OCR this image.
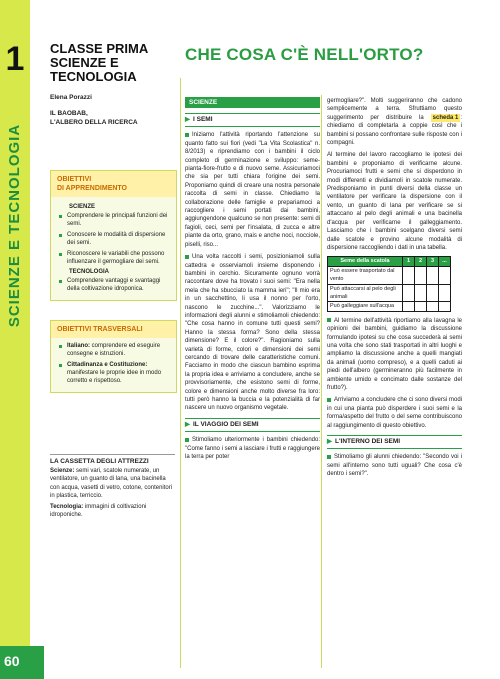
1
SCIENZE E TECNOLOGIA
60
CLASSE PRIMA
SCIENZE E
TECNOLOGIA
Elena Porazzi
IL BAOBAB,
L'ALBERO DELLA RICERCA
OBIETTIVI
DI APPRENDIMENTO
SCIENZE
Comprendere le principali funzioni dei semi.
Conoscere le modalità di dispersione dei semi.
Riconoscere le variabili che possono influenzare il germogliare dei semi.
TECNOLOGIA
Comprendere vantaggi e svantaggi della coltivazione idroponica.
OBIETTIVI TRASVERSALI
Italiano: comprendere ed eseguire consegne e istruzioni.
Cittadinanza e Costituzione: manifestare le proprie idee in modo corretto e rispettoso.
LA CASSETTA DEGLI ATTREZZI

Scienze: semi vari, scatole numerate, un ventilatore, un guanto di lana, una bacinella con acqua, vasetti di vetro, cotone, contenitori in plastica, terriccio.

Tecnologia: immagini di coltivazioni idroponiche.

CHE COSA C'È NELL'ORTO?
SCIENZE
▶ I SEMI

Iniziamo l'attività riportando l'attenzione su quanto fatto sui fiori (vedi "La Vita Scolastica" n. 8/2013) e riprendiamo con i bambini il ciclo completo di germinazione e sviluppo: seme-pianta-fiore-frutto e di nuovo seme. Assicuriamoci che sia per tutti chiara l'origine dei semi. Proponiamo quindi di creare una nostra personale raccolta di semi in classe. Chiediamo la collaborazione delle famiglie e prepariamoci a raccogliere i semi portati dai bambini, aggiungendone qualcuno se non presente: semi di fagioli, ceci, semi per l'insalata, di zucca e altre piante da orto, grano, mais e anche noci, nocciole, piselli, riso...

Una volta raccolti i semi, posizioniamoli sulla cattedra e osserviamoli insieme disponendo i bambini in cerchio. Sicuramente ognuno vorrà raccontare dove ha trovato i suoi semi: "Era nella mela che ha sbucciato la mamma ieri"; "Il mio era in un sacchettino, li usa il nonno per l'orto, nascono le zucchine...". Valorizziamo le informazioni degli alunni e stimoliamoli chiedendo: "Che cosa hanno in comune tutti questi semi? Hanno la stessa forma? Sono della stessa dimensione? E il colore?". Ragioniamo sulla varietà di forme, colori e dimensioni dei semi cercando di trovare delle caratteristiche comuni. Facciamo in modo che ciascun bambino esprima la propria idea e arriviamo a concludere, anche se provvisoriamente, che esistono semi di forme, colore e dimensioni anche molto diverse fra loro: tutti però hanno la buccia e la potenzialità di far nascere un nuovo organismo vegetale.

▶ IL VIAGGIO DEI SEMI

Stimoliamo ulteriormente i bambini chiedendo: "Come fanno i semi a lasciare i frutti e raggiungere la terra per poter

germogliare?". Molti suggeriranno che cadono semplicemente a terra. Sfruttiamo questo suggerimento per distribuire la scheda 1 : chiediamo di completarla a coppie così che i bambini si possano confrontare sulle risposte con i compagni.

Al termine del lavoro raccogliamo le ipotesi dei bambini e proponiamo di verificarne alcune. Procuriamoci frutti e semi che si disperdono in modi differenti e dividiamoli in scatole numerate. Predisponiamo in punti diversi della classe un ventilatore per verificare la dispersione con il vento, un guanto di lana per verificare se si attaccano al pelo degli animali e una bacinella d'acqua per verificarne il galleggiamento. Lasciamo che i bambini scelgano diversi semi dalle scatole e provino alcune modalità di dispersione raccogliendo i dati in una tabella.

Seme della scatola	1	2	3	...
Può essere trasportato dal vento				
Può attaccarsi al pelo degli animali				
Può galleggiare sull'acqua				

Al termine dell'attività riportiamo alla lavagna le opinioni dei bambini, guidiamo la discussione formulando ipotesi su che cosa succederà ai semi una volta che sono stati trasportati in altri luoghi e ampliamo la discussione anche a quelli mangiati da animali (uomo compreso), e a quelli caduti ai piedi dell'albero (germineranno più facilmente in ambiente umido e concimato dalle sostanze del frutto?).

Arriviamo a concludere che ci sono diversi modi in cui una pianta può disperdere i suoi semi e la forma/aspetto del frutto o del seme contribuiscono al raggiungimento di questo obiettivo.

▶ L'INTERNO DEI SEMI

Stimoliamo gli alunni chiedendo: "Secondo voi i semi all'interno sono tutti uguali? Che cosa c'è dentro i semi?".
